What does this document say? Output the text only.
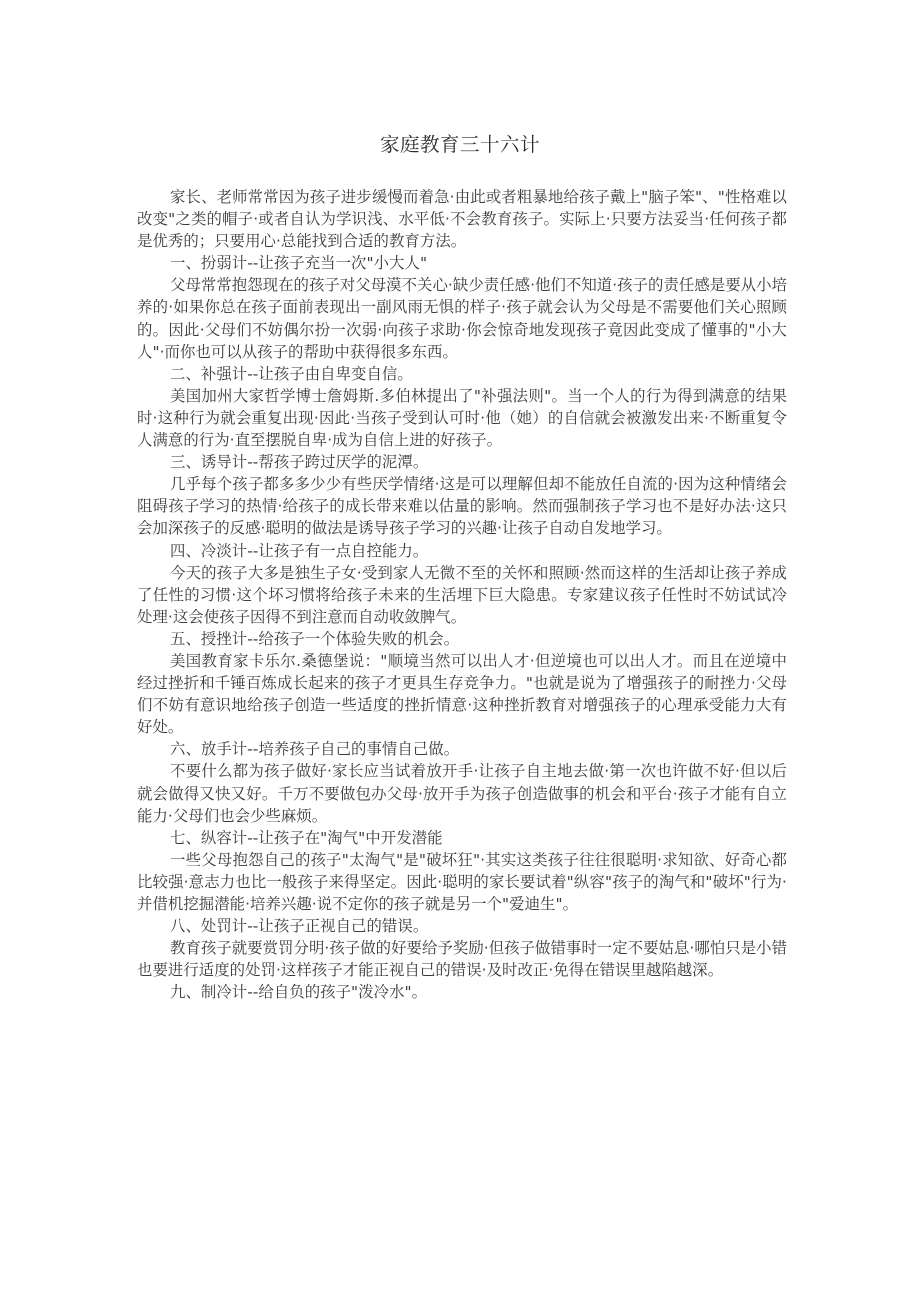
家庭教育三十六计

家长、老师常常因为孩子进步缓慢而着急·由此或者粗暴地给孩子戴上"脑子笨"、"性格难以改变"之类的帽子·或者自认为学识浅、水平低·不会教育孩子。实际上·只要方法妥当·任何孩子都是优秀的；只要用心·总能找到合适的教育方法。

一、扮弱计--让孩子充当一次"小大人"

父母常常抱怨现在的孩子对父母漠不关心·缺少责任感·他们不知道·孩子的责任感是要从小培养的·如果你总在孩子面前表现出一副风雨无惧的样子·孩子就会认为父母是不需要他们关心照顾的。因此·父母们不妨偶尔扮一次弱·向孩子求助·你会惊奇地发现孩子竟因此变成了懂事的"小大人"·而你也可以从孩子的帮助中获得很多东西。

二、补强计--让孩子由自卑变自信。

美国加州大家哲学博士詹姆斯.多伯林提出了"补强法则"。当一个人的行为得到满意的结果时·这种行为就会重复出现·因此·当孩子受到认可时·他（她）的自信就会被激发出来·不断重复令人满意的行为·直至摆脱自卑·成为自信上进的好孩子。

三、诱导计--帮孩子跨过厌学的泥潭。

几乎每个孩子都多多少少有些厌学情绪·这是可以理解但却不能放任自流的·因为这种情绪会阻碍孩子学习的热情·给孩子的成长带来难以估量的影响。然而强制孩子学习也不是好办法·这只会加深孩子的反感·聪明的做法是诱导孩子学习的兴趣·让孩子自动自发地学习。

四、冷淡计--让孩子有一点自控能力。

今天的孩子大多是独生子女·受到家人无微不至的关怀和照顾·然而这样的生活却让孩子养成了任性的习惯·这个坏习惯将给孩子未来的生活埋下巨大隐患。专家建议孩子任性时不妨试试冷处理·这会使孩子因得不到注意而自动收敛脾气。

五、授挫计--给孩子一个体验失败的机会。

美国教育家卡乐尔.桑德堡说："顺境当然可以出人才·但逆境也可以出人才。而且在逆境中经过挫折和千锤百炼成长起来的孩子才更具生存竞争力。"也就是说为了增强孩子的耐挫力·父母们不妨有意识地给孩子创造一些适度的挫折情意·这种挫折教育对增强孩子的心理承受能力大有好处。

六、放手计--培养孩子自己的事情自己做。

不要什么都为孩子做好·家长应当试着放开手·让孩子自主地去做·第一次也许做不好·但以后就会做得又快又好。千万不要做包办父母·放开手为孩子创造做事的机会和平台·孩子才能有自立能力·父母们也会少些麻烦。

七、纵容计--让孩子在"淘气"中开发潜能

一些父母抱怨自己的孩子"太淘气"是"破坏狂"·其实这类孩子往往很聪明·求知欲、好奇心都比较强·意志力也比一般孩子来得坚定。因此·聪明的家长要试着"纵容"孩子的淘气和"破坏"行为·并借机挖掘潜能·培养兴趣·说不定你的孩子就是另一个"爱迪生"。

八、处罚计--让孩子正视自己的错误。

教育孩子就要赏罚分明·孩子做的好要给予奖励·但孩子做错事时一定不要姑息·哪怕只是小错也要进行适度的处罚·这样孩子才能正视自己的错误·及时改正·免得在错误里越陷越深。

九、制冷计--给自负的孩子"泼冷水"。
